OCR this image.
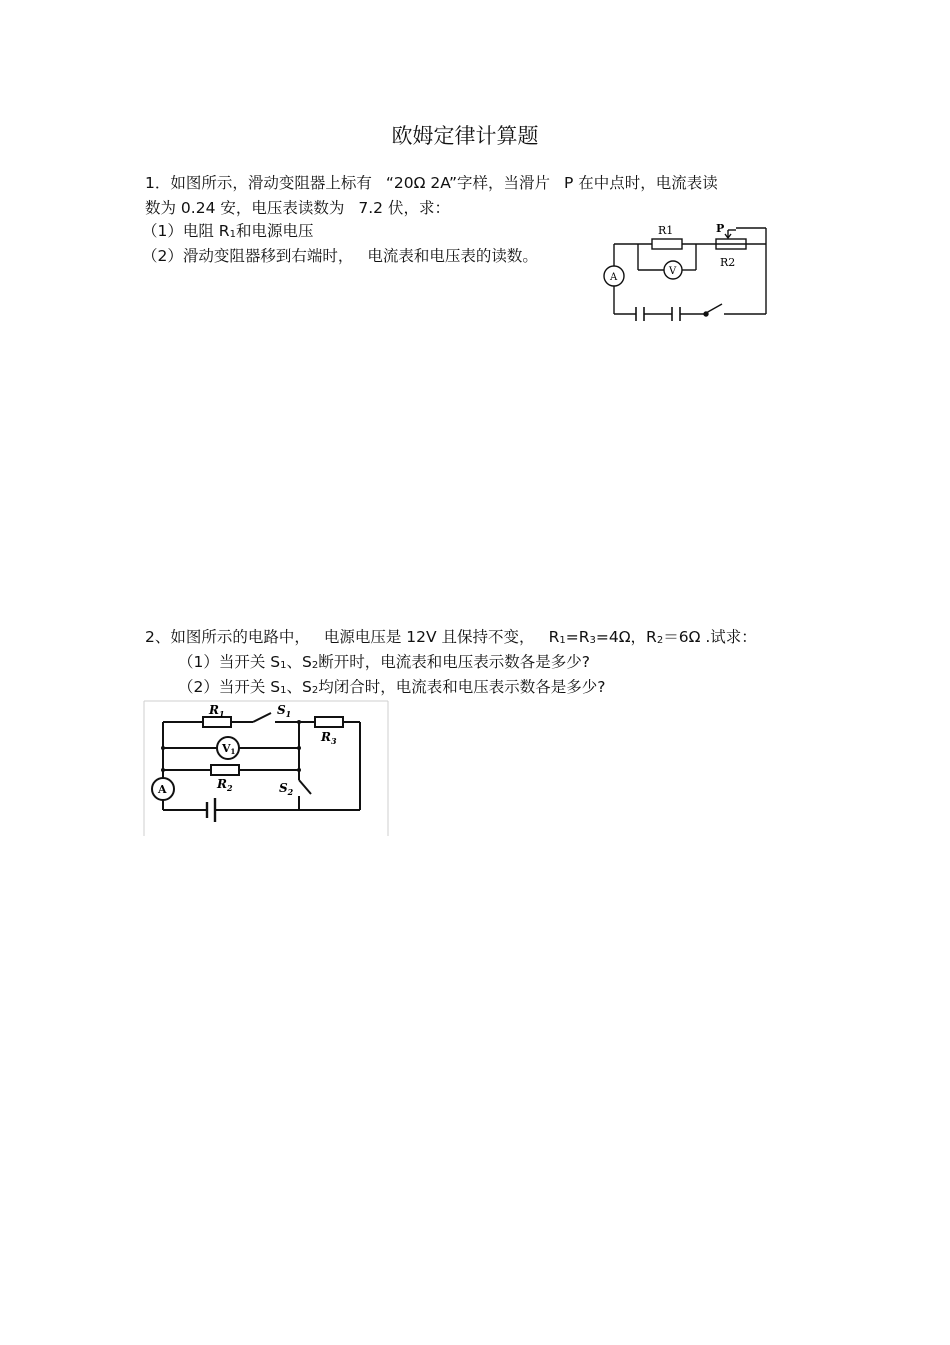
欧姆定律计算题
1．如图所示，滑动变阻器上标有 “20Ω 2A”字样，当滑片 P 在中点时，电流表读
数为 0.24 安，电压表读数为 7.2 伏，求：
（1）电阻 $R_1$和电源电压
（2）滑动变阻器移到右端时， 电流表和电压表的读数。
R1	P
R2
A
V
2、如图所示的电路中， 电源电压是 12V 且保持不变， $R_1=R_3=4\Omega$，$R_2=6\Omega$ .试求：
（1）当开关 $S_1$、$S_2$断开时，电流表和电压表示数各是多少?
（2）当开关 $S_1$、$S_2$均闭合时，电流表和电压表示数各是多少?
$R_1$	$S_1$
$R_3$
$R_2$	$S_2$
V1
A
